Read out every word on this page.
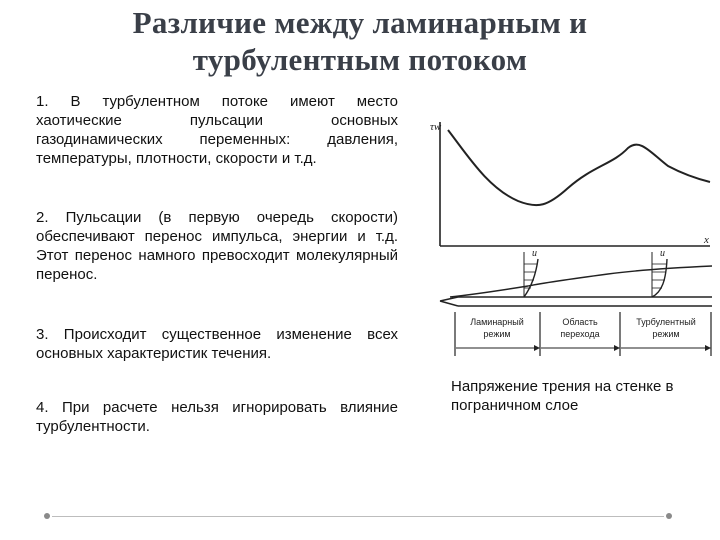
Различие между ламинарным и
турбулентным потоком
1. В турбулентном потоке имеют место хаотические пульсации основных газодинамических переменных: давления, температуры, плотности, скорости и т.д.
2. Пульсации (в первую очередь скорости) обеспечивают перенос импульса, энергии и т.д. Этот перенос намного превосходит молекулярный перенос.
3. Происходит существенное изменение всех основных характеристик течения.
4. При расчете нельзя игнорировать влияние турбулентности.
τw
x
u	u
Ламинарный
режим
Область
перехода
Турбулентный
режим
Напряжение трения на стенке в пограничном слое
